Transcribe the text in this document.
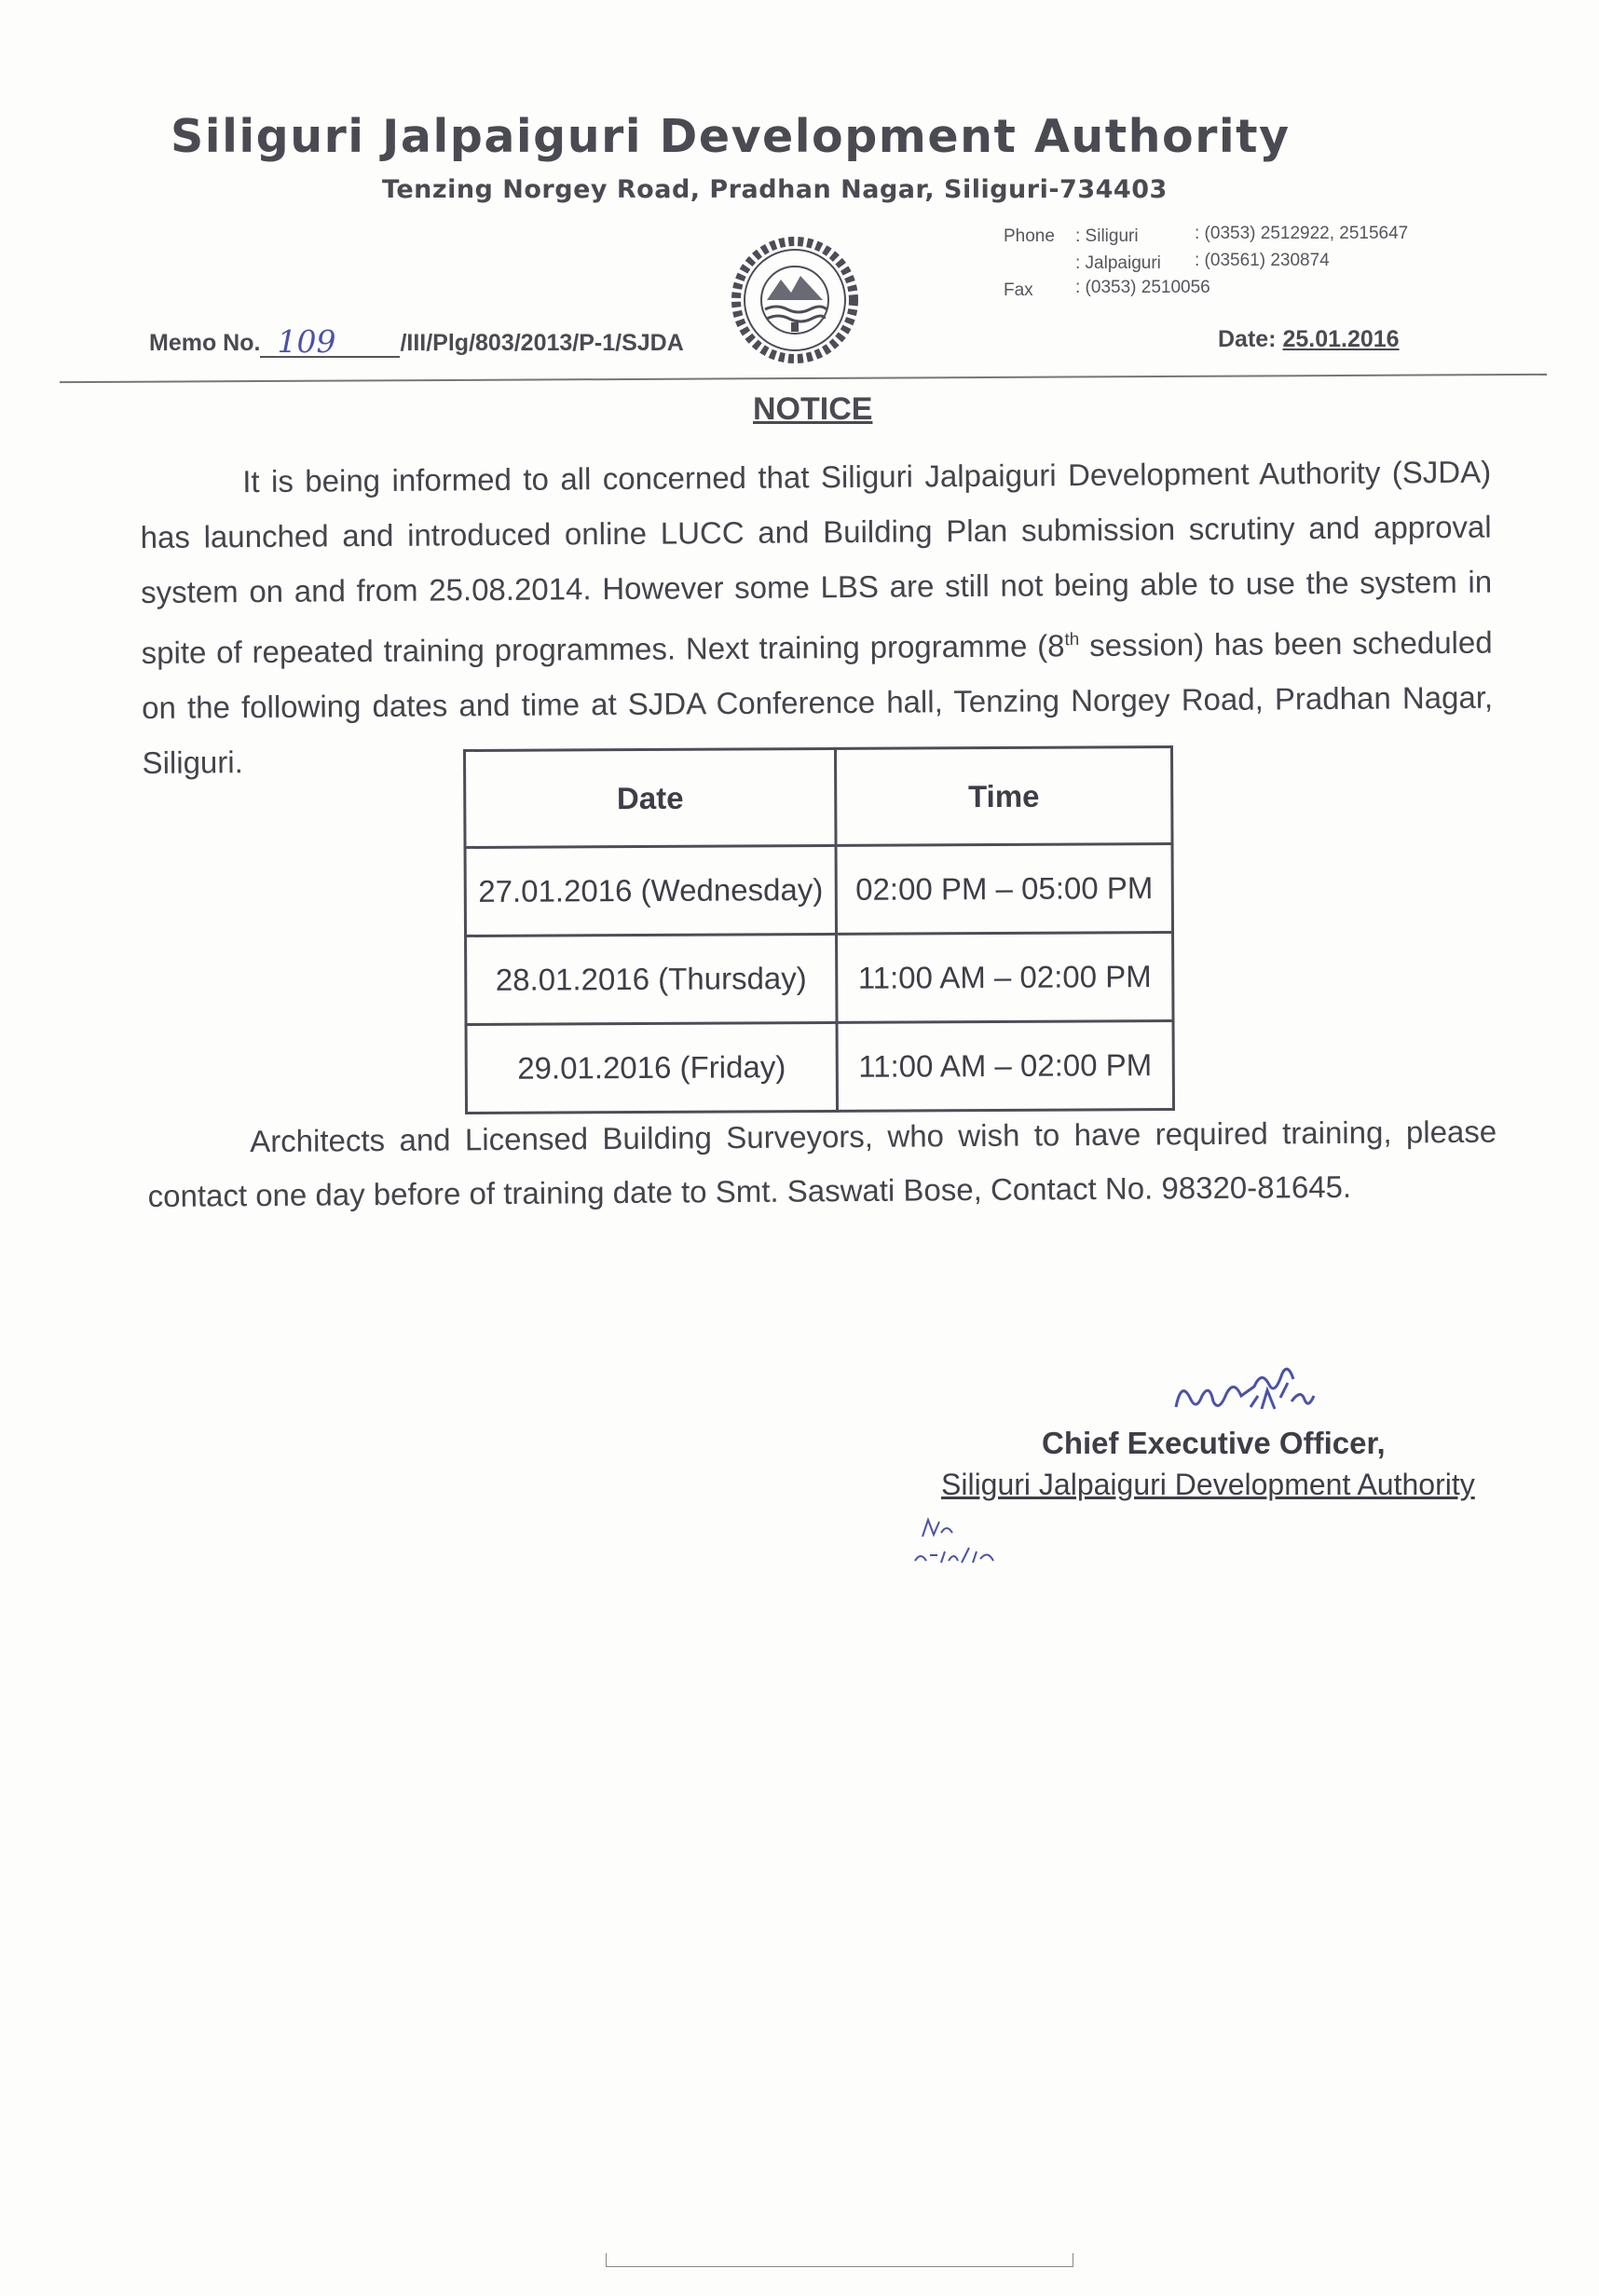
Siliguri Jalpaiguri Development Authority
Tenzing Norgey Road, Pradhan Nagar, Siliguri-734403
Phone : Siliguri	: (0353) 2512922, 2515647
: Jalpaiguri : (03561) 230874
Fax : (0353) 2510056
Memo No. 109	/III/Plg/803/2013/P-1/SJDA	Date: 25.01.2016
NOTICE
It is being informed to all concerned that Siliguri Jalpaiguri Development Authority (SJDA) has launched and introduced online LUCC and Building Plan submission scrutiny and approval system on and from 25.08.2014. However some LBS are still not being able to use the system in spite of repeated training programmes. Next training programme (8th session) has been scheduled on the following dates and time at SJDA Conference hall, Tenzing Norgey Road, Pradhan Nagar, Siliguri.
Date	Time
27.01.2016 (Wednesday)	02:00 PM – 05:00 PM
28.01.2016 (Thursday)	11:00 AM – 02:00 PM
29.01.2016 (Friday)	11:00 AM – 02:00 PM
Architects and Licensed Building Surveyors, who wish to have required training, please contact one day before of training date to Smt. Saswati Bose, Contact No. 98320-81645.
Chief Executive Officer,
Siliguri Jalpaiguri Development Authority
